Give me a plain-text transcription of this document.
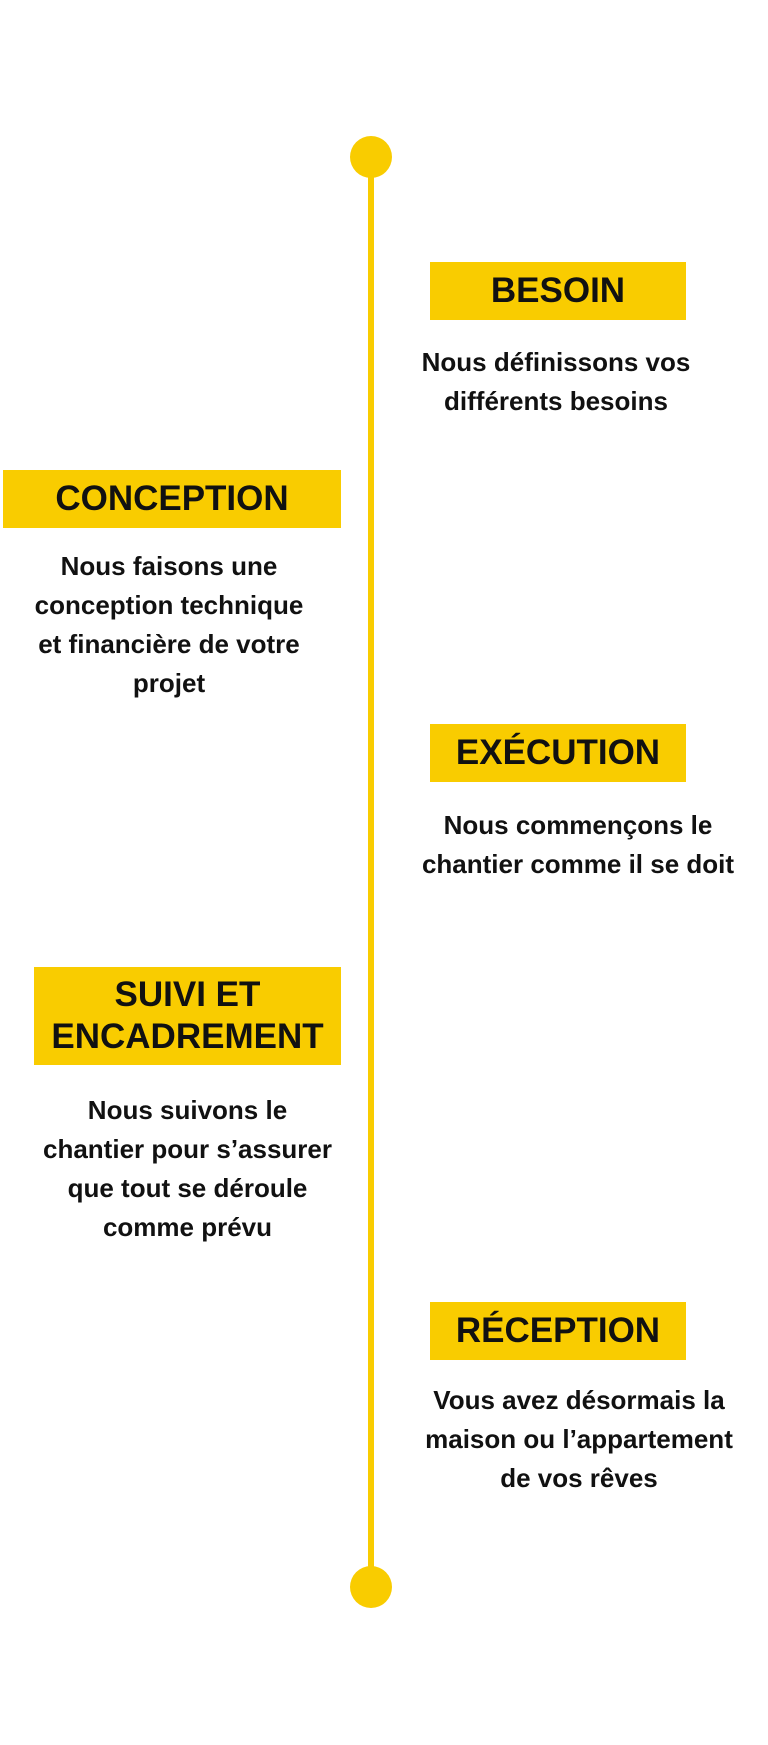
BESOIN
Nous définissons vos
différents besoins
CONCEPTION
Nous faisons une
conception technique
et financière de votre
projet
EXÉCUTION
Nous commençons le
chantier comme il se doit
SUIVI ET
ENCADREMENT
Nous suivons le
chantier pour s’assurer
que tout se déroule
comme prévu
RÉCEPTION
Vous avez désormais la
maison ou l’appartement
de vos rêves
